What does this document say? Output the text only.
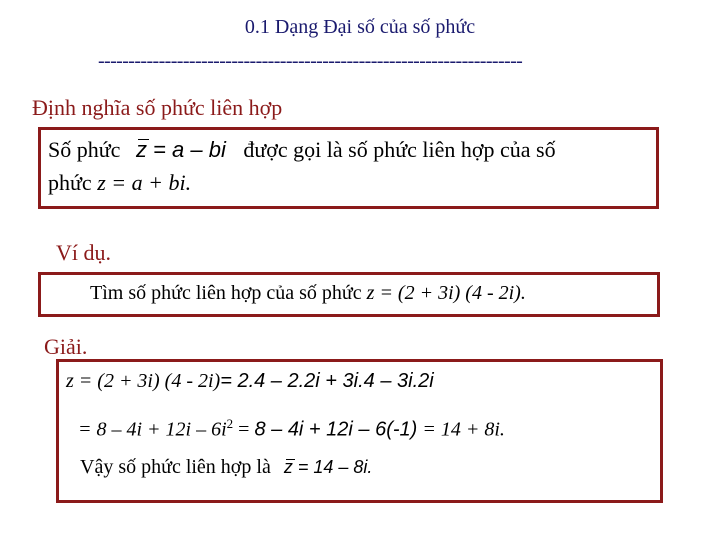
0.1 Dạng Đại số của số phức
----------------------------------------------------------------------
Định nghĩa số phức liên hợp
Số phức z = a – bi được gọi là số phức liên hợp của số
phức z = a + bi.
Ví dụ.
Tìm số phức liên hợp của số phức z = (2 + 3i) (4 - 2i).
Giải.
z = (2 + 3i) (4 - 2i)= 2.4 – 2.2i + 3i.4 – 3i.2i
= $8 - 4i + 12i - 6i^2 = 8 - 4i + 12i - 6(-1) = 14 + 8i$.
Vậy số phức liên hợp là
z = 14 – 8i.
